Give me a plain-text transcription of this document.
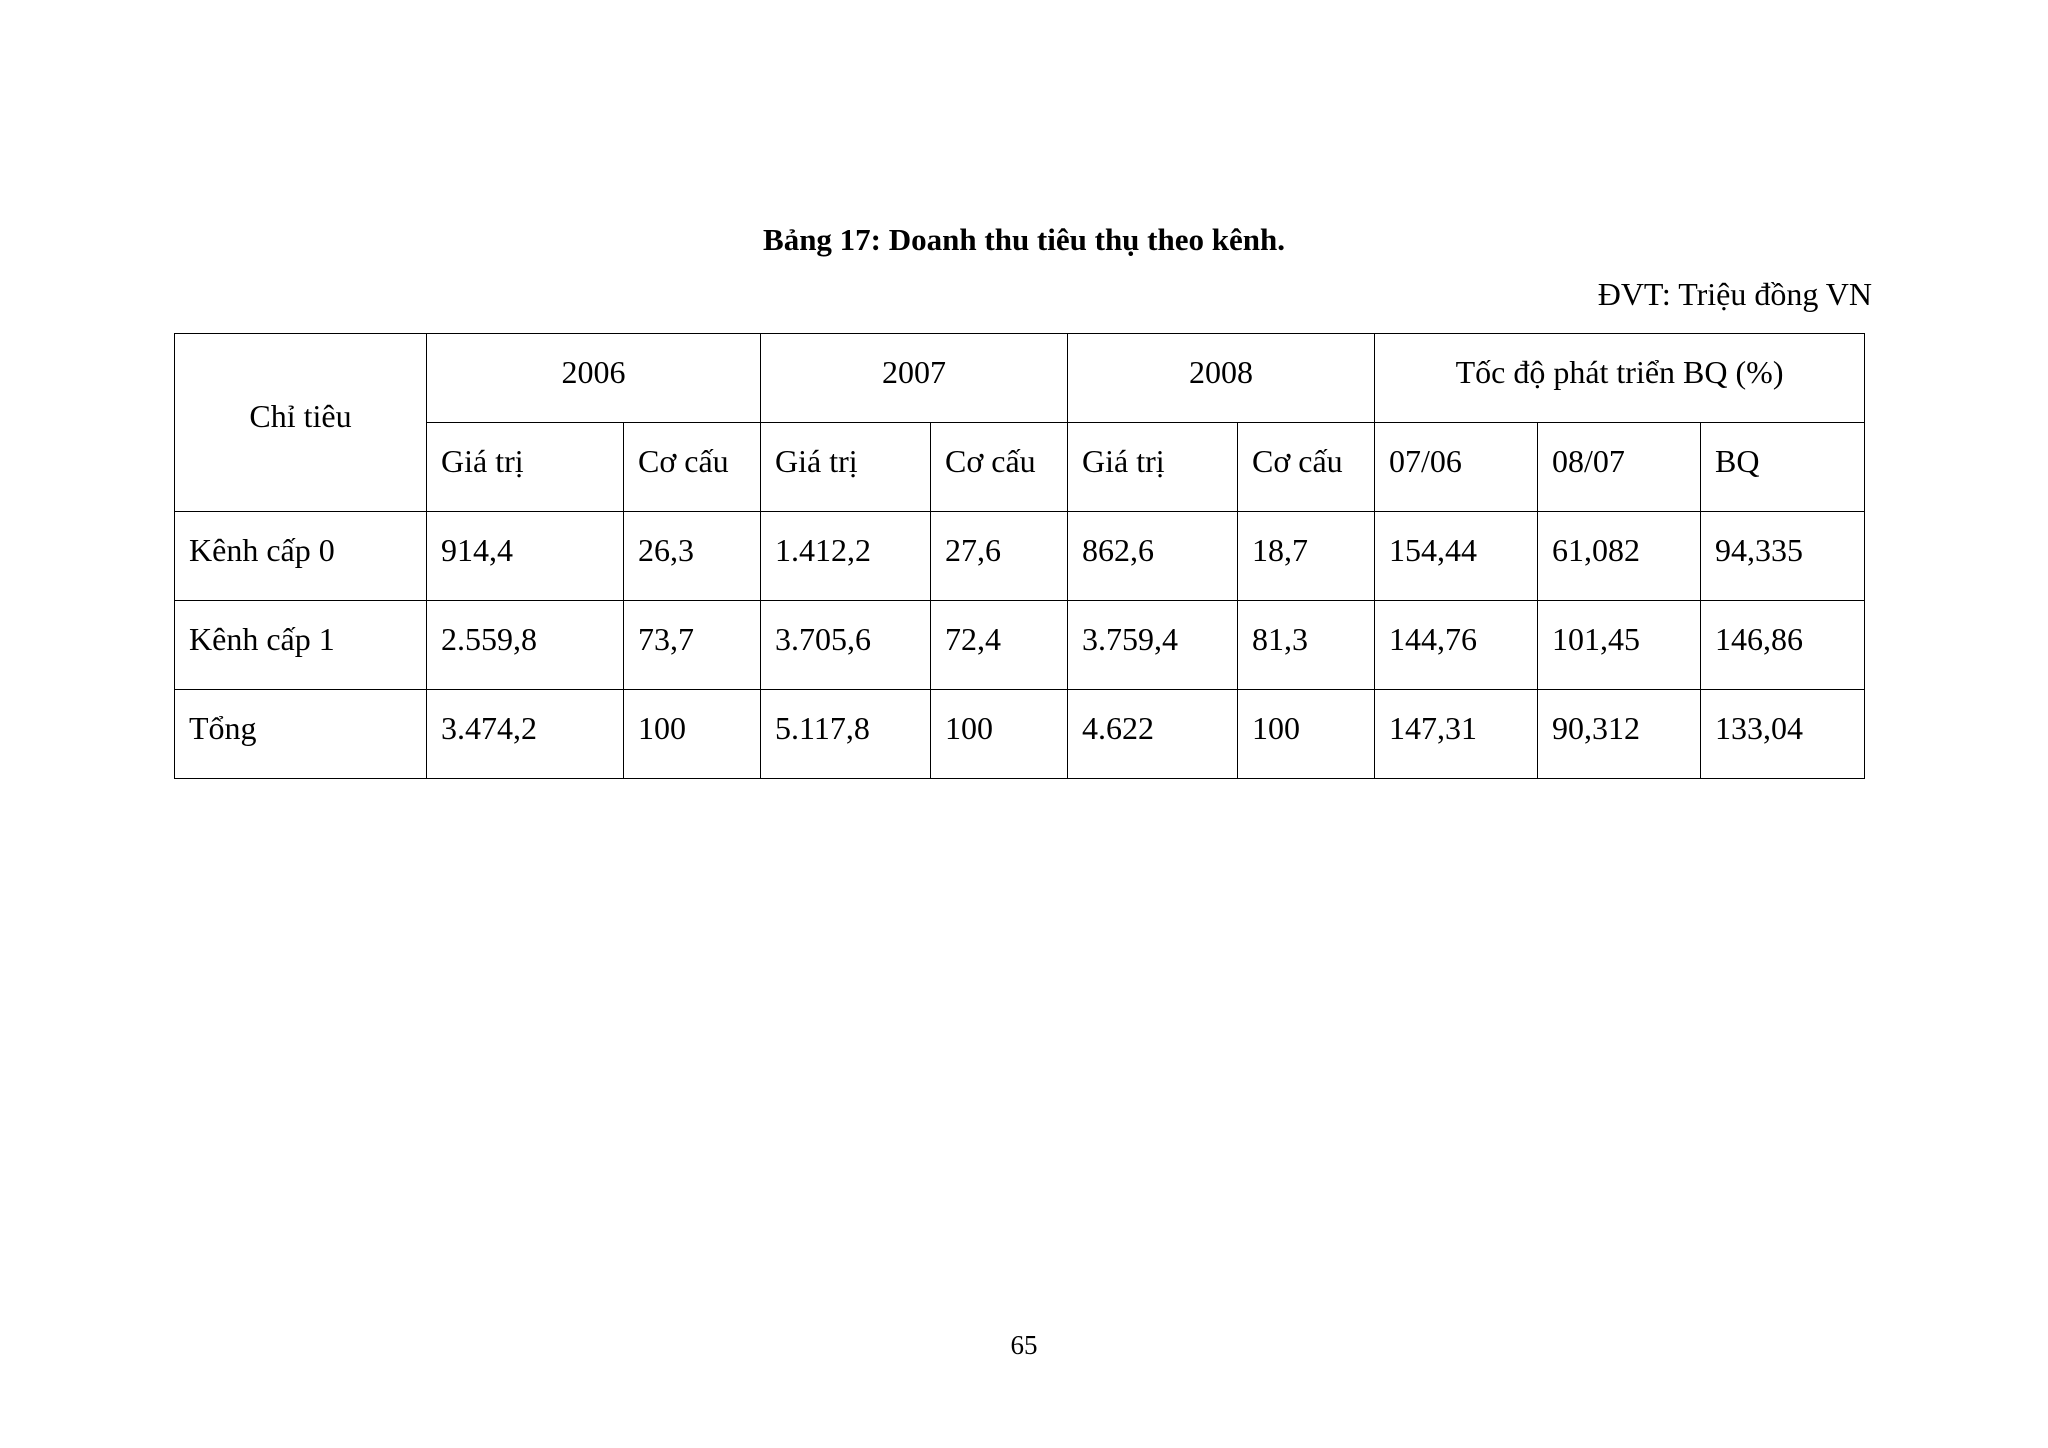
Bảng 17: Doanh thu tiêu thụ theo kênh.
ĐVT: Triệu đồng VN
Chỉ tiêu	2006		2007		2008		Tốc độ phát triển BQ (%)		
	Giá trị	Cơ cấu	Giá trị	Cơ cấu	Giá trị	Cơ cấu	07/06	08/07	BQ
Kênh cấp 0	914,4	26,3	1.412,2	27,6	862,6	18,7	154,44	61,082	94,335
Kênh cấp 1	2.559,8	73,7	3.705,6	72,4	3.759,4	81,3	144,76	101,45	146,86
Tổng	3.474,2	100	5.117,8	100	4.622	100	147,31	90,312	133,04
65
